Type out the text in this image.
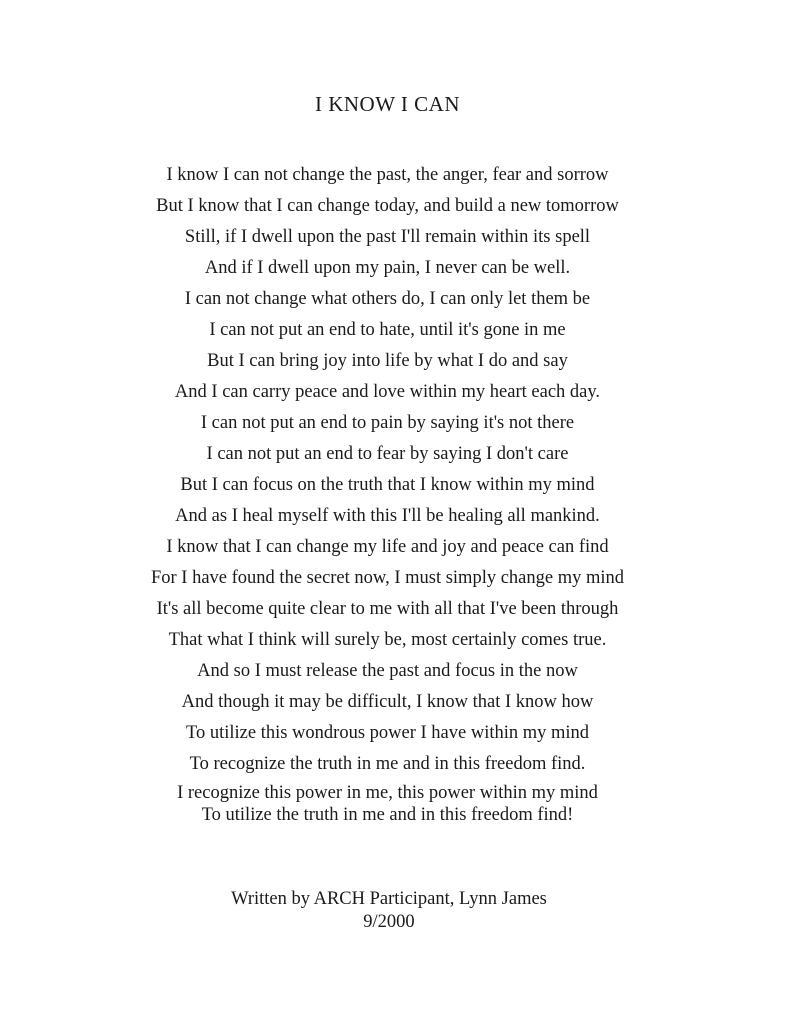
I KNOW I CAN
I know I can not change the past, the anger, fear and sorrow
But I know that I can change today, and build a new tomorrow
Still, if I dwell upon the past I'll remain within its spell
And if I dwell upon my pain, I never can be well.
I can not change what others do, I can only let them be
I can not put an end to hate, until it's gone in me
But I can bring joy into life by what I do and say
And I can carry peace and love within my heart each day.
I can not put an end to pain by saying it's not there
I can not put an end to fear by saying I don't care
But I can focus on the truth that I know within my mind
And as I heal myself with this I'll be healing all mankind.
I know that I can change my life and joy and peace can find
For I have found the secret now, I must simply change my mind
It's all become quite clear to me with all that I've been through
That what I think will surely be, most certainly comes true.
And so I must release the past and focus in the now
And though it may be difficult, I know that I know how
To utilize this wondrous power I have within my mind
To recognize the truth in me and in this freedom find.
I recognize this power in me, this power within my mind
To utilize the truth in me and in this freedom find!
Written by ARCH Participant, Lynn James
9/2000
